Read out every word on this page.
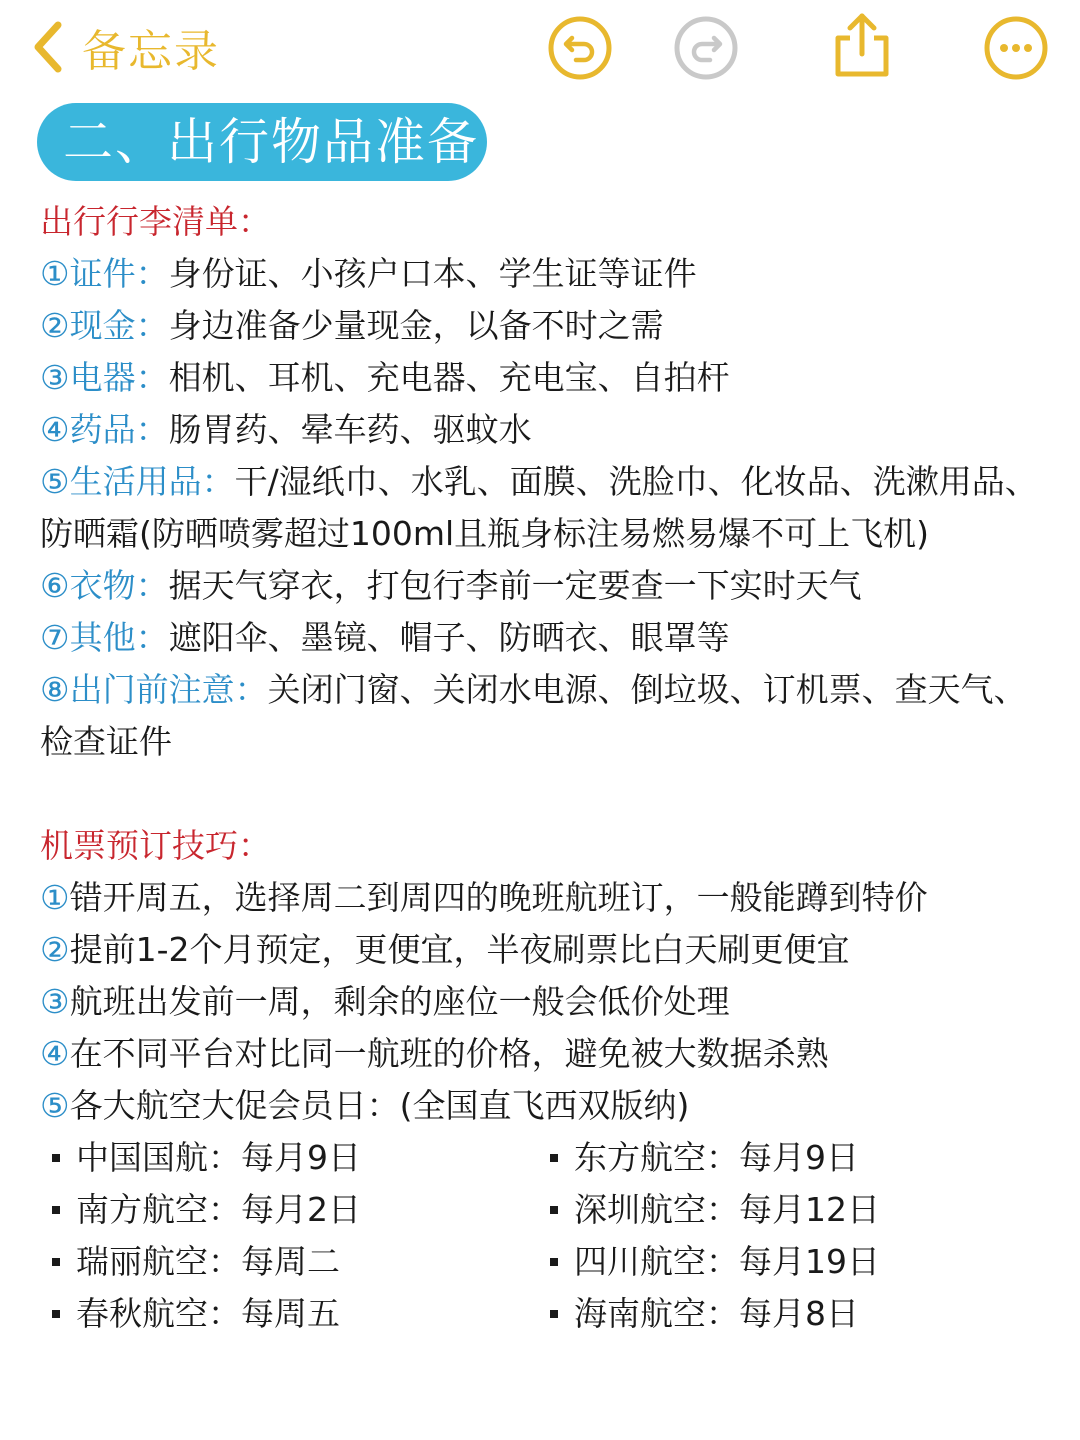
备忘录
二、出行物品准备

出行行李清单：

①证件：身份证、小孩户口本、学生证等证件

②现金：身边准备少量现金，以备不时之需

③电器：相机、耳机、充电器、充电宝、自拍杆

④药品：肠胃药、晕车药、驱蚊水

⑤生活用品：干/湿纸巾、水乳、面膜、洗脸巾、化妆品、洗漱用品、防晒霜(防晒喷雾超过100ml且瓶身标注易燃易爆不可上飞机)

⑥衣物：据天气穿衣，打包行李前一定要查一下实时天气

⑦其他：遮阳伞、墨镜、帽子、防晒衣、眼罩等

⑧出门前注意：关闭门窗、关闭水电源、倒垃圾、订机票、查天气、检查证件

机票预订技巧：

①错开周五，选择周二到周四的晚班航班订，一般能蹲到特价

②提前1-2个月预定，更便宜，半夜刷票比白天刷更便宜

③航班出发前一周，剩余的座位一般会低价处理

④在不同平台对比同一航班的价格，避免被大数据杀熟

⑤各大航空大促会员日：(全国直飞西双版纳)

中国国航：每月9日	东方航空：每月9日
南方航空：每月2日	深圳航空：每月12日
瑞丽航空：每周二	四川航空：每月19日
春秋航空：每周五	海南航空：每月8日
